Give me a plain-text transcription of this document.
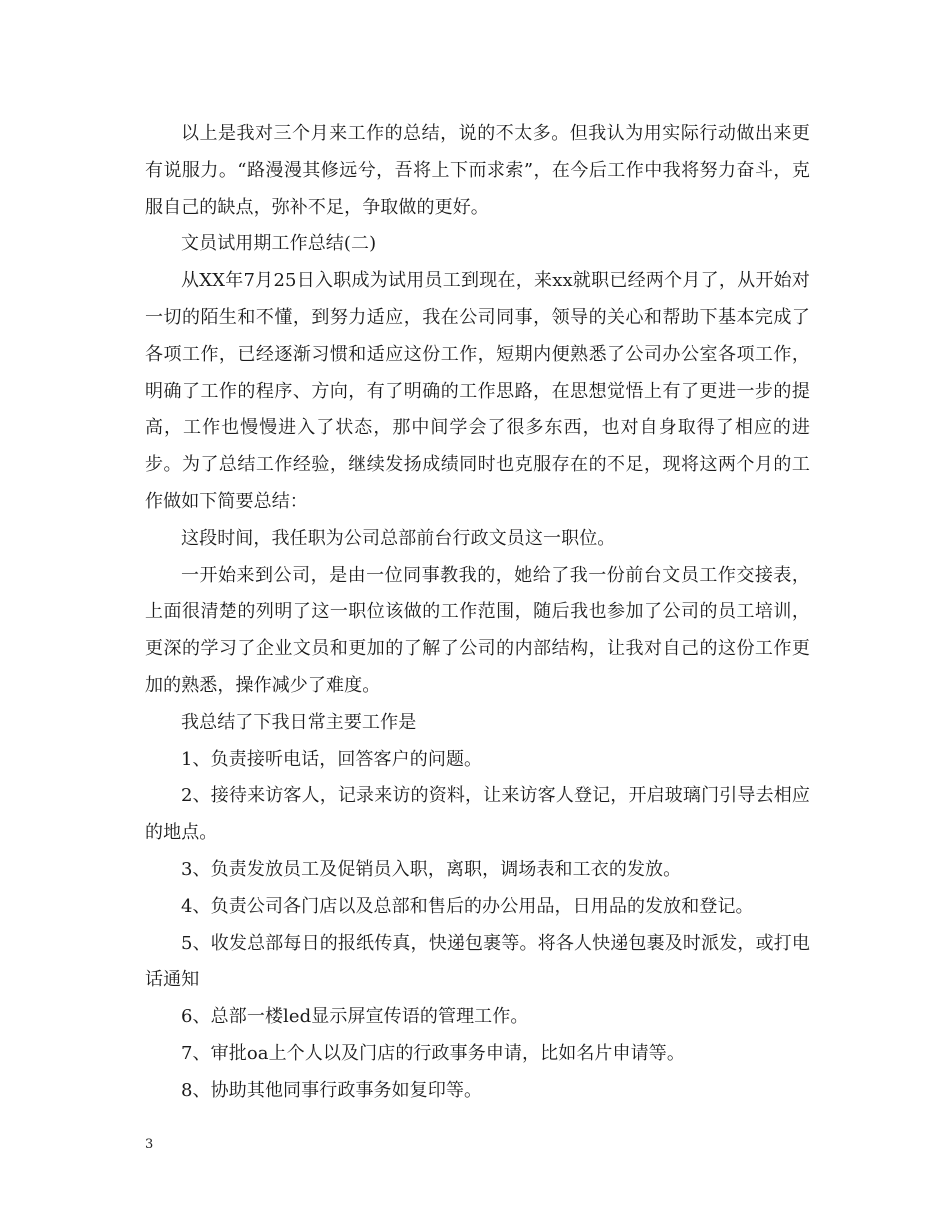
以上是我对三个月来工作的总结，说的不太多。但我认为用实际行动做出来更有说服力。“路漫漫其修远兮，吾将上下而求索”，在今后工作中我将努力奋斗，克服自己的缺点，弥补不足，争取做的更好。

文员试用期工作总结(二)

从XX年7月25日入职成为试用员工到现在，来xx就职已经两个月了，从开始对一切的陌生和不懂，到努力适应，我在公司同事，领导的关心和帮助下基本完成了各项工作，已经逐渐习惯和适应这份工作，短期内便熟悉了公司办公室各项工作，明确了工作的程序、方向，有了明确的工作思路，在思想觉悟上有了更进一步的提高，工作也慢慢进入了状态，那中间学会了很多东西，也对自身取得了相应的进步。为了总结工作经验，继续发扬成绩同时也克服存在的不足，现将这两个月的工作做如下简要总结：

这段时间，我任职为公司总部前台行政文员这一职位。

一开始来到公司，是由一位同事教我的，她给了我一份前台文员工作交接表，上面很清楚的列明了这一职位该做的工作范围，随后我也参加了公司的员工培训，更深的学习了企业文员和更加的了解了公司的内部结构，让我对自己的这份工作更加的熟悉，操作减少了难度。

我总结了下我日常主要工作是

1、负责接听电话，回答客户的问题。

2、接待来访客人，记录来访的资料，让来访客人登记，开启玻璃门引导去相应的地点。

3、负责发放员工及促销员入职，离职，调场表和工衣的发放。

4、负责公司各门店以及总部和售后的办公用品，日用品的发放和登记。

5、收发总部每日的报纸传真，快递包裹等。将各人快递包裹及时派发，或打电话通知

6、总部一楼led显示屏宣传语的管理工作。

7、审批oa上个人以及门店的行政事务申请，比如名片申请等。

8、协助其他同事行政事务如复印等。

3
